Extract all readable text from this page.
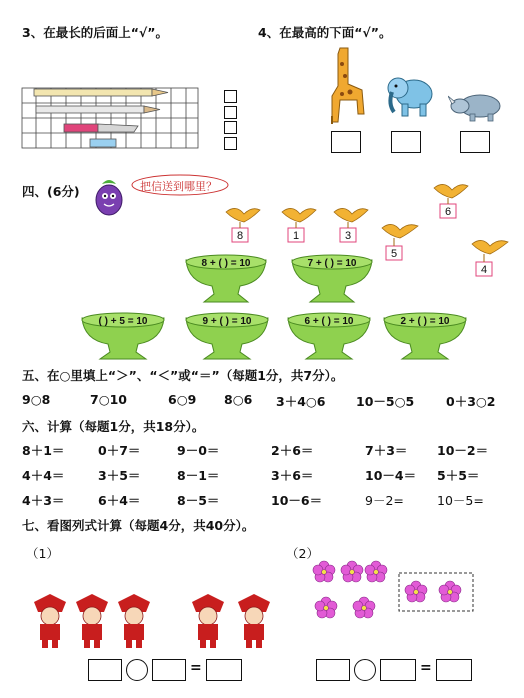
3、在最长的后面上“√”。	4、在最高的下面“√”。
四、(6分)	把信送到哪里？
8	1	3
5
6
4
8 + ( ) = 10	7 + ( ) = 10
( ) + 5 = 10	9 + ( ) = 10	6 + ( ) = 10	2 + ( ) = 10
五、在○里填上“＞”、“＜”或“＝”（每题1分，共7分）。
9○8	7○10	6○9 8○6 3＋4○6 10－5○5	0＋3○2
六、计算（每题1分，共18分）。
8＋1＝	0＋7＝	9－0＝	2＋6＝	7＋3＝ 10－2＝
4＋4＝	3＋5＝	8－1＝	3＋6＝	10－4＝ 5＋5＝
4＋3＝	6＋4＝	8－5＝	10－6＝	9－2=	10－5=
七、看图列式计算（每题4分，共40分）。
（1）	（2）
=	=
